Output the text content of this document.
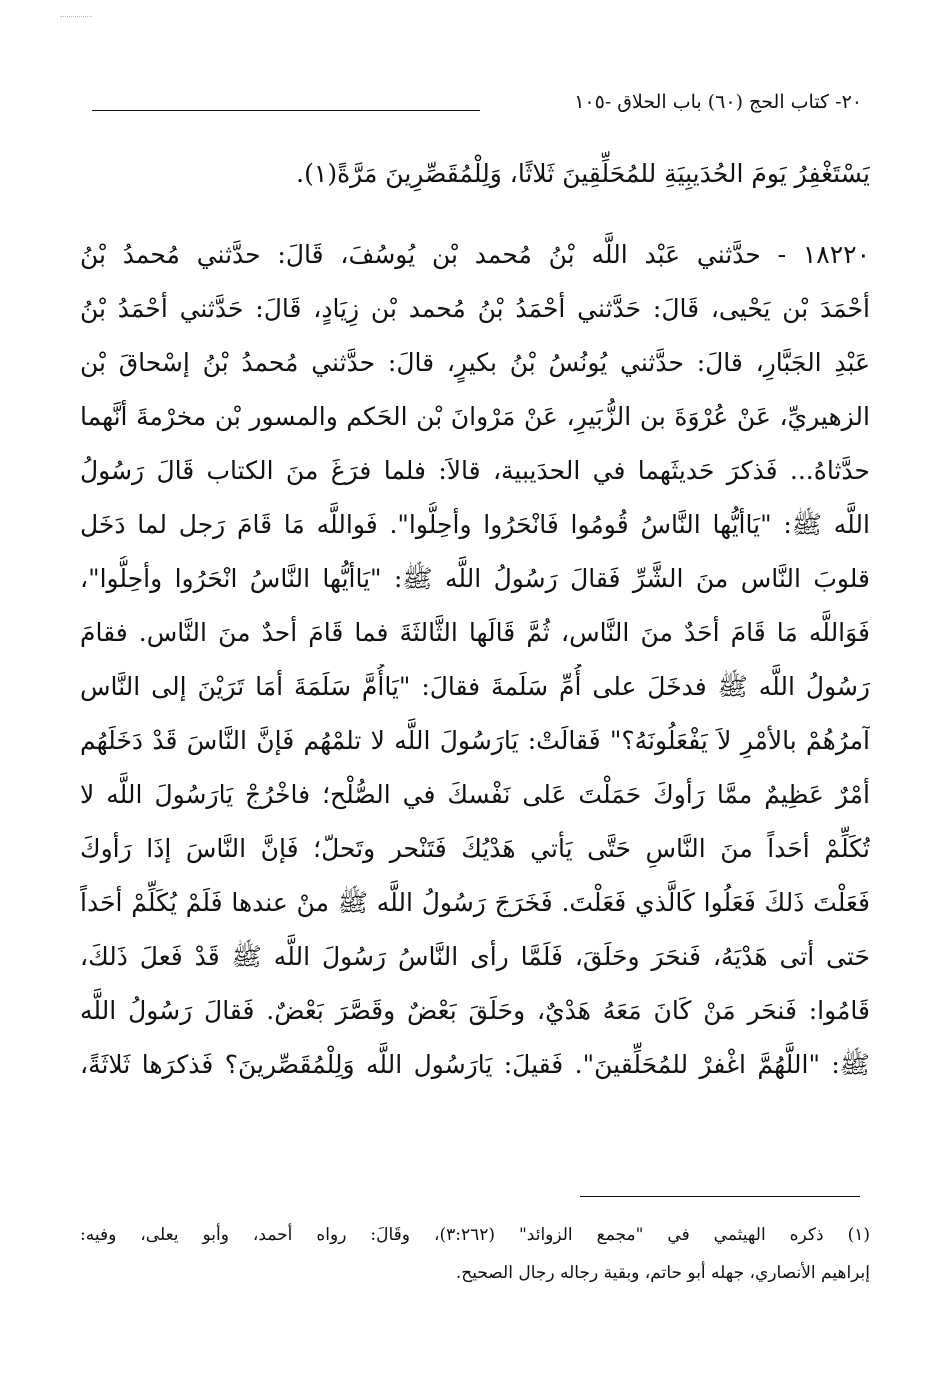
٢٠- كتاب الحج (٦٠) باب الحلاق -١٠٥
يَسْتَغْفِرُ يَومَ الحُدَيبِيَةِ للمُحَلِّقِينَ ثَلاثًا، وَلِلْمُقَصِّرِينَ مَرَّةً(١).
١٨٢٢٠ - حدَّثني عَبْد اللَّه بْنُ مُحمد بْن يُوسُفَ، قَالَ: حدَّثني مُحمدُ بْنُ
أحْمَدَ بْن يَحْيى، قَالَ: حَدَّثني أحْمَدُ بْنُ مُحمد بْن زِيَادٍ، قَالَ: حَدَّثني أحْمَدُ بْنُ
عَبْدِ الجَبَّارِ، قالَ: حدَّثني يُونُسُ بْنُ بكيرٍ، قالَ: حدَّثني مُحمدُ بْنُ إسْحاقَ بْن
الزهيريِّ، عَنْ عُرْوَةَ بن الزُّبَيرِ، عَنْ مَرْوانَ بْن الحَكم والمسور بْن مخرْمةَ أنَّهما
حدَّثاهُ... فَذكرَ حَديثَهما في الحدَيبية، قالاَ: فلما فرَغَ منَ الكتاب قَالَ رَسُولُ
اللَّه ﷺ: "يَاأيُّها النَّاسُ قُومُوا فَانْحَرُوا وأحِلُّوا". فَواللَّه مَا قَامَ رَجل لما دَخَل
قلوبَ النَّاس منَ الشَّرِّ فَقالَ رَسُولُ اللَّه ﷺ: "يَاأيُّها النَّاسُ انْحَرُوا وأحِلُّوا"،
فَوَاللَّه مَا قَامَ أحَدٌ منَ النَّاس، ثُمَّ قَالَها الثَّالثَةَ فما قَامَ أحدٌ منَ النَّاس. فقامَ
رَسُولُ اللَّه ﷺ فدخَلَ على أُمِّ سَلَمةَ فقالَ: "يَاأُمَّ سَلَمَةَ أمَا تَرَيْنَ إلى النَّاس
آمرُهُمْ بالأمْرِ لاَ يَفْعَلُونَهُ؟" فَقالَتْ: يَارَسُولَ اللَّه لا تلمْهُم فَإنَّ النَّاسَ قَدْ دَخَلَهُم
أمْرٌ عَظِيمٌ ممَّا رَأوكَ حَمَلْتَ عَلى نَفْسكَ في الصُّلْح؛ فاخْرُجْ يَارَسُولَ اللَّه لا
تُكَلِّمْ أحَداً منَ النَّاسِ حَتَّى يَأتي هَدْيُكَ فَتَنْحر وتَحلّ؛ فَإنَّ النَّاسَ إذَا رَأوكَ
فَعَلْتَ ذَلكَ فَعَلُوا كَالَّذي فَعَلْتَ. فَخَرَجَ رَسُولُ اللَّه ﷺ منْ عندها فَلَمْ يُكَلِّمْ أحَداً
حَتى أتى هَدْيَهُ، فَنحَرَ وحَلَقَ، فَلَمَّا رأى النَّاسُ رَسُولَ اللَّه ﷺ قَدْ فَعلَ ذَلكَ،
قَامُوا: فَنحَر مَنْ كَانَ مَعَهُ هَدْيٌ، وحَلَقَ بَعْضٌ وقَصَّرَ بَعْضٌ. فَقالَ رَسُولُ اللَّه
ﷺ: "اللَّهُمَّ اغْفرْ للمُحَلِّقينَ". فَقيلَ: يَارَسُول اللَّه وَلِلْمُقَصِّرينَ؟ فَذكرَها ثَلاثَةً،
(١) ذكره الهيثمي في "مجمع الزوائد" (٣:٢٦٢)، وقَالَ: رواه أحمد، وأبو يعلى، وفيه:
إبراهيم الأنصاري، جهله أبو حاتم، وبقية رجاله رجال الصحيح.
